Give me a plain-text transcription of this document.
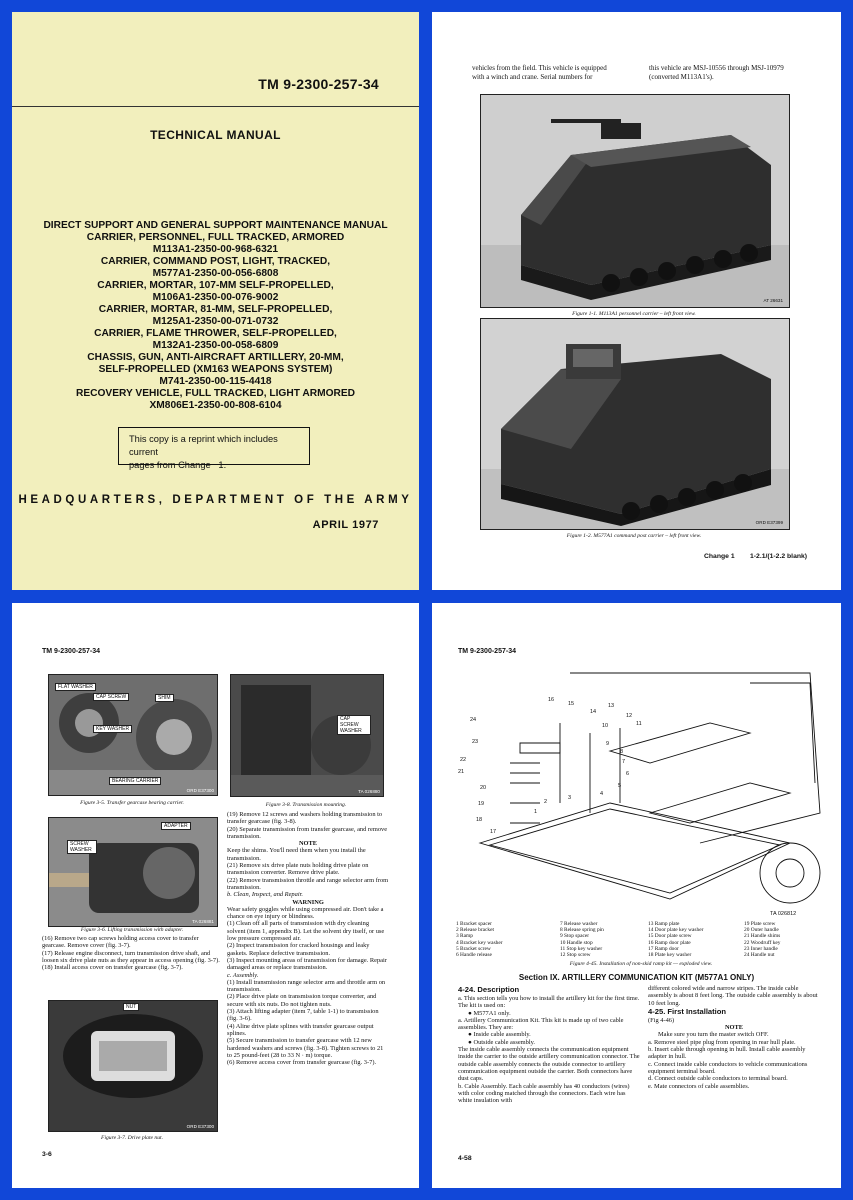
TM 9-2300-257-34
TECHNICAL MANUAL
DIRECT SUPPORT AND GENERAL SUPPORT MAINTENANCE MANUAL
CARRIER, PERSONNEL, FULL TRACKED, ARMORED
M113A1-2350-00-968-6321
CARRIER, COMMAND POST, LIGHT, TRACKED,
M577A1-2350-00-056-6808
CARRIER, MORTAR, 107-MM SELF-PROPELLED,
M106A1-2350-00-076-9002
CARRIER, MORTAR, 81-MM, SELF-PROPELLED,
M125A1-2350-00-071-0732
CARRIER, FLAME THROWER, SELF-PROPELLED,
M132A1-2350-00-058-6809
CHASSIS, GUN, ANTI-AIRCRAFT ARTILLERY, 20-MM,
SELF-PROPELLED (XM163 WEAPONS SYSTEM)
M741-2350-00-115-4418
RECOVERY VEHICLE, FULL TRACKED, LIGHT ARMORED
XM806E1-2350-00-808-6104
This copy is a reprint which includes current
pages from Change 1.
HEADQUARTERS, DEPARTMENT OF THE ARMY
APRIL 1977
vehicles from the field. This vehicle is equipped
with a winch and crane. Serial numbers for
this vehicle are MSJ-10556 through MSJ-10979
(converted M113A1's).
AT 26631
Figure 1-1. M113A1 personnel carrier – left front view.
ORD E37399
Figure 1-2. M577A1 command post carrier – left front view.
Change 1 1-2.1/(1-2.2 blank)
TM 9-2300-257-34
FLAT WASHER
CAP SCREW	SHIM
KEY WASHER
BEARING CARRIER
ORD E37300
Figure 3-5. Transfer gearcase bearing carrier.
CAP SCREW WASHER
TA 026880
Figure 3-8. Transmission mounting.
ADAPTER
SCREW WASHER
TA 026881
Figure 3-6. Lifting transmission with adapter.
(16) Remove two cap screws holding access cover to transfer gearcase. Remove cover (fig. 3-7).
(17) Release engine disconnect, turn transmission drive shaft, and loosen six drive plate nuts as they appear in access opening (fig. 3-7).
(18) Install access cover on transfer gearcase (fig. 3-7).
NUT
ORD E37300
Figure 3-7. Drive plate nut.
(19) Remove 12 screws and washers holding transmission to transfer gearcase (fig. 3-8).
(20) Separate transmission from transfer gearcase, and remove transmission.
NOTE
Keep the shims. You'll need them when you install the transmission.
(21) Remove six drive plate nuts holding drive plate on transmission converter. Remove drive plate.
(22) Remove transmission throttle and range selector arm from transmission.
b. Clean, Inspect, and Repair.
WARNING
Wear safety goggles while using compressed air. Don't take a chance on eye injury or blindness.
(1) Clean off all parts of transmission with dry cleaning solvent (item 1, appendix B). Let the solvent dry itself, or use low pressure compressed air.
(2) Inspect transmission for cracked housings and leaky gaskets. Replace defective transmission.
(3) Inspect mounting areas of transmission for damage. Repair damaged areas or replace transmission.
c. Assembly.
(1) Install transmission range selector arm and throttle arm on transmission.
(2) Place drive plate on transmission torque converter, and secure with six nuts. Do not tighten nuts.
(3) Attach lifting adapter (item 7, table 1-1) to transmission (fig. 3-6).
(4) Aline drive plate splines with transfer gearcase output splines.
(5) Secure transmission to transfer gearcase with 12 new hardened washers and screws (fig. 3-8). Tighten screws to 21 to 25 pound-feet (28 to 33 N · m) torque.
(6) Remove access cover from transfer gearcase (fig. 3-7).
3-6
TM 9-2300-257-34
24
23
22
21
20
19
18
17
16
15
14
13
12
11
10
9
8
7
6
5
4
3
2
1
TA 026812
1 Bracket spacer	7 Release washer	13 Ramp plate	19 Plate screw
2 Release bracket	8 Release spring pin	14 Door plate key washer	20 Outer handle
3 Ramp	9 Stop spacer	15 Door plate screw	21 Handle shims
4 Bracket key washer	10 Handle stop	16 Ramp door plate	22 Woodruff key
5 Bracket screw	11 Stop key washer	17 Ramp door	23 Inner handle
6 Handle release	12 Stop screw	18 Plate key washer	24 Handle nut
Figure 4-45. Installation of non-skid ramp kit — exploded view.
Section IX. ARTILLERY COMMUNICATION KIT (M577A1 ONLY)
4-24. Description
a. This section tells you how to install the artillery kit for the first time. The kit is used on:
● M577A1 only.
a. Artillery Communication Kit. This kit is made up of two cable assemblies. They are:
● Inside cable assembly.
● Outside cable assembly.
The inside cable assembly connects the communication equipment inside the carrier to the outside artillery communication connector. The outside cable assembly connects the outside connector to artillery communication equipment outside the carrier. Both connectors have dust caps.
b. Cable Assembly. Each cable assembly has 40 conductors (wires) with color coding matched through the connectors. Each wire has white insulation with
different colored wide and narrow stripes. The inside cable assembly is about 8 feet long. The outside cable assembly is about 10 feet long.
4-25. First Installation
(Fig 4-46)
NOTE
Make sure you turn the master switch OFF.
a. Remove steel pipe plug from opening in rear hull plate.
b. Insert cable through opening in hull. Install cable assembly adapter in hull.
c. Connect inside cable conductors to vehicle communications equipment terminal board.
d. Connect outside cable conductors to terminal board.
e. Mate connectors of cable assemblies.
4-58
